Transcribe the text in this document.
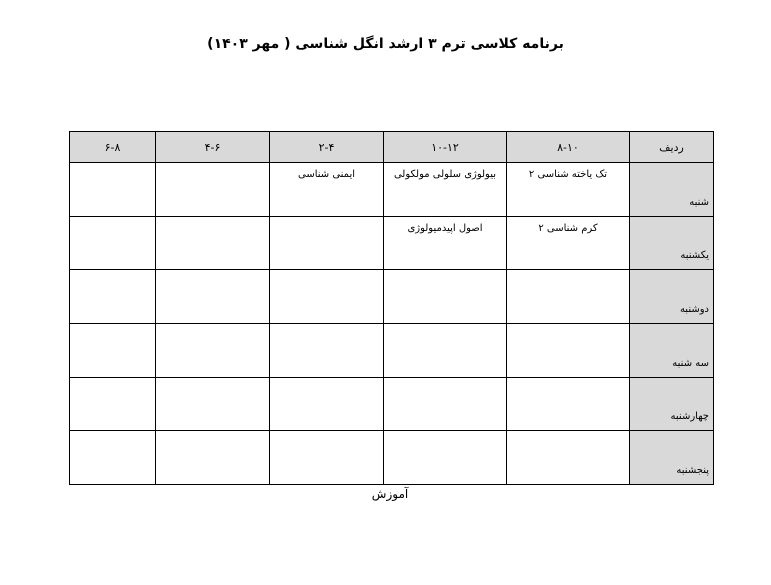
برنامه کلاسی ترم ۳ ارشد انگل شناسی ( مهر ۱۴۰۳)
ردیف	۸-۱۰	۱۰-۱۲	۲-۴	۴-۶	۶-۸
شنبه	تک یاخته شناسی ۲	بیولوژی سلولی مولکولی	ایمنی شناسی		
یکشنبه	کرم شناسی ۲	اصول اپیدمیولوژی			
دوشنبه					
سه شنبه					
چهارشنبه					
پنجشنبه					
آموزش
